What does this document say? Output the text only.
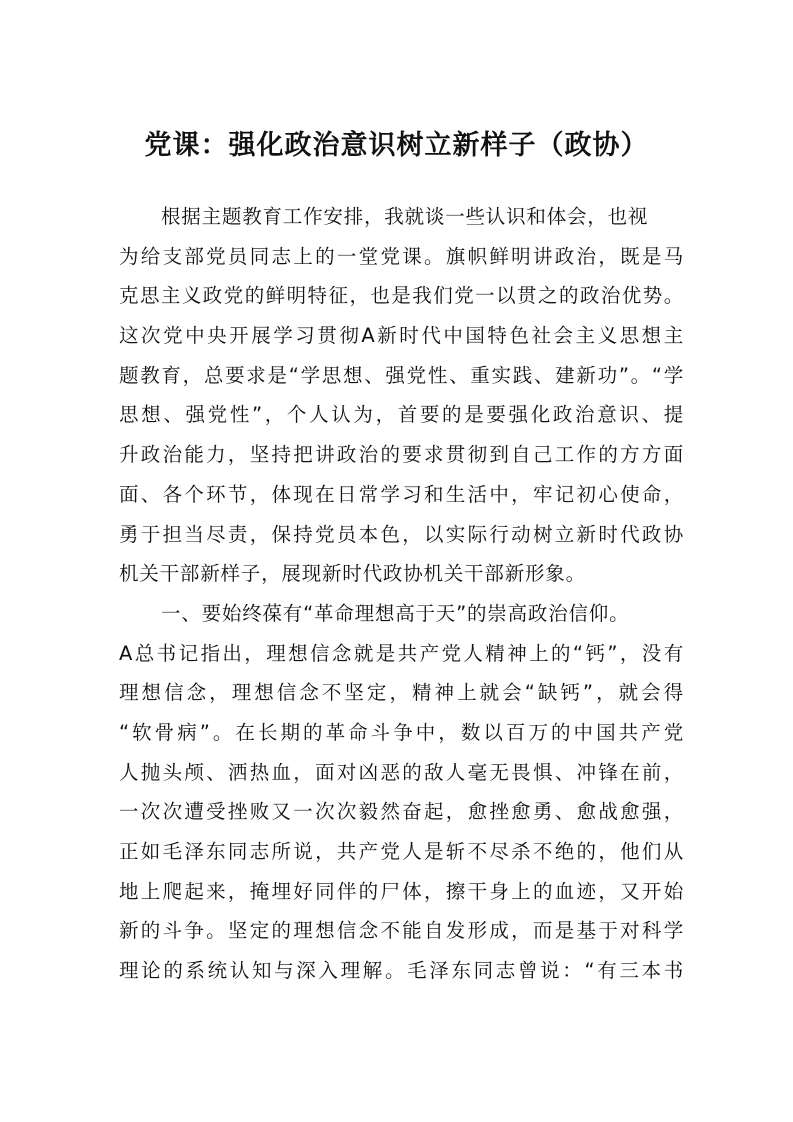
党课：强化政治意识树立新样子（政协）
根据主题教育工作安排，我就谈一些认识和体会，也视
为给支部党员同志上的一堂党课。旗帜鲜明讲政治，既是马
克思主义政党的鲜明特征，也是我们党一以贯之的政治优势。
这次党中央开展学习贯彻A新时代中国特色社会主义思想主
题教育，总要求是“学思想、强党性、重实践、建新功”。“学
思想、强党性”，个人认为，首要的是要强化政治意识、提
升政治能力，坚持把讲政治的要求贯彻到自己工作的方方面
面、各个环节，体现在日常学习和生活中，牢记初心使命，
勇于担当尽责，保持党员本色，以实际行动树立新时代政协
机关干部新样子，展现新时代政协机关干部新形象。
一、要始终葆有“革命理想高于天”的崇高政治信仰。
A总书记指出，理想信念就是共产党人精神上的“钙”，没有
理想信念，理想信念不坚定，精神上就会“缺钙”，就会得
“软骨病”。在长期的革命斗争中，数以百万的中国共产党
人抛头颅、洒热血，面对凶恶的敌人毫无畏惧、冲锋在前，
一次次遭受挫败又一次次毅然奋起，愈挫愈勇、愈战愈强，
正如毛泽东同志所说，共产党人是斩不尽杀不绝的，他们从
地上爬起来，掩埋好同伴的尸体，擦干身上的血迹，又开始
新的斗争。坚定的理想信念不能自发形成，而是基于对科学
理论的系统认知与深入理解。毛泽东同志曾说：“有三本书
